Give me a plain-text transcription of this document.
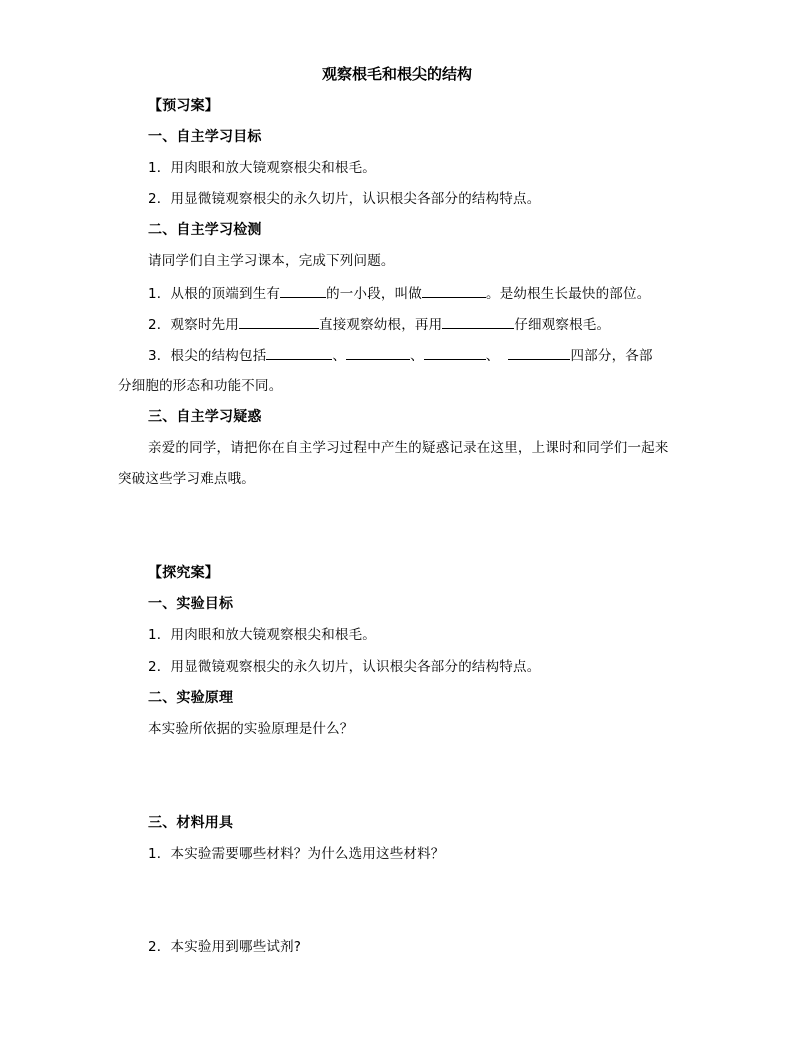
观察根毛和根尖的结构
【预习案】
一、自主学习目标
1．用肉眼和放大镜观察根尖和根毛。
2．用显微镜观察根尖的永久切片，认识根尖各部分的结构特点。
二、自主学习检测
请同学们自主学习课本，完成下列问题。
1．从根的顶端到生有	的一小段，叫做	。是幼根生长最快的部位。
2．观察时先用	直接观察幼根，再用	仔细观察根毛。
3．根尖的结构包括	、	、	、	四部分，各部
分细胞的形态和功能不同。
三、自主学习疑惑
亲爱的同学，请把你在自主学习过程中产生的疑惑记录在这里，上课时和同学们一起来
突破这些学习难点哦。
【探究案】
一、实验目标
1．用肉眼和放大镜观察根尖和根毛。
2．用显微镜观察根尖的永久切片，认识根尖各部分的结构特点。
二、实验原理
本实验所依据的实验原理是什么？
三、材料用具
1．本实验需要哪些材料？为什么选用这些材料？
2．本实验用到哪些试剂?
